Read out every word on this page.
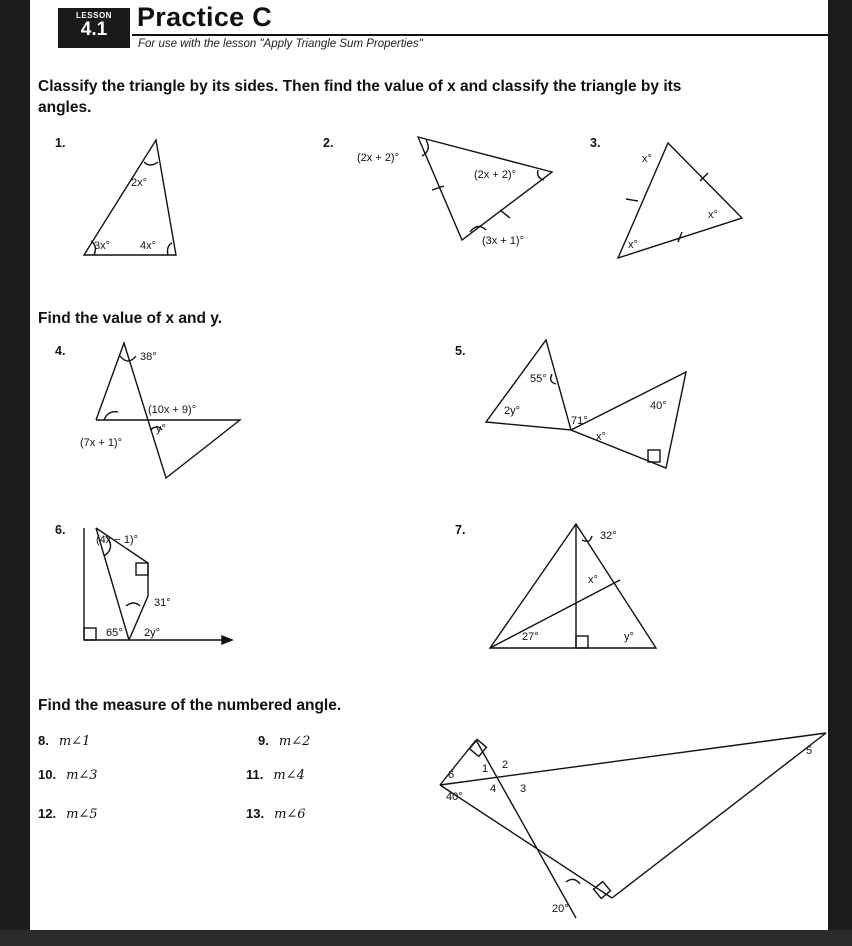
LESSON
4.1	Practice C
For use with the lesson "Apply Triangle Sum Properties"
Classify the triangle by its sides. Then find the value of x and classify the triangle by its angles.
Find the value of x and y.
Find the measure of the numbered angle.
1.	2.	3.
4.	5.
6.	7.
8. m∠1	9. m∠2
10. m∠3	11. m∠4
12. m∠5	13. m∠6
2x°
3x°	4x°
(2x + 2)°
(2x + 2)°
(3x + 1)°
x°
x°
x°
38°
(10x + 9)°
y°
(7x + 1)°
55°
2y°
71°
40°
x°
(4x − 1)°
31°
65° 2y°
32°
x°
27°	y°
6	1 2
5
40°
4 3
20°
